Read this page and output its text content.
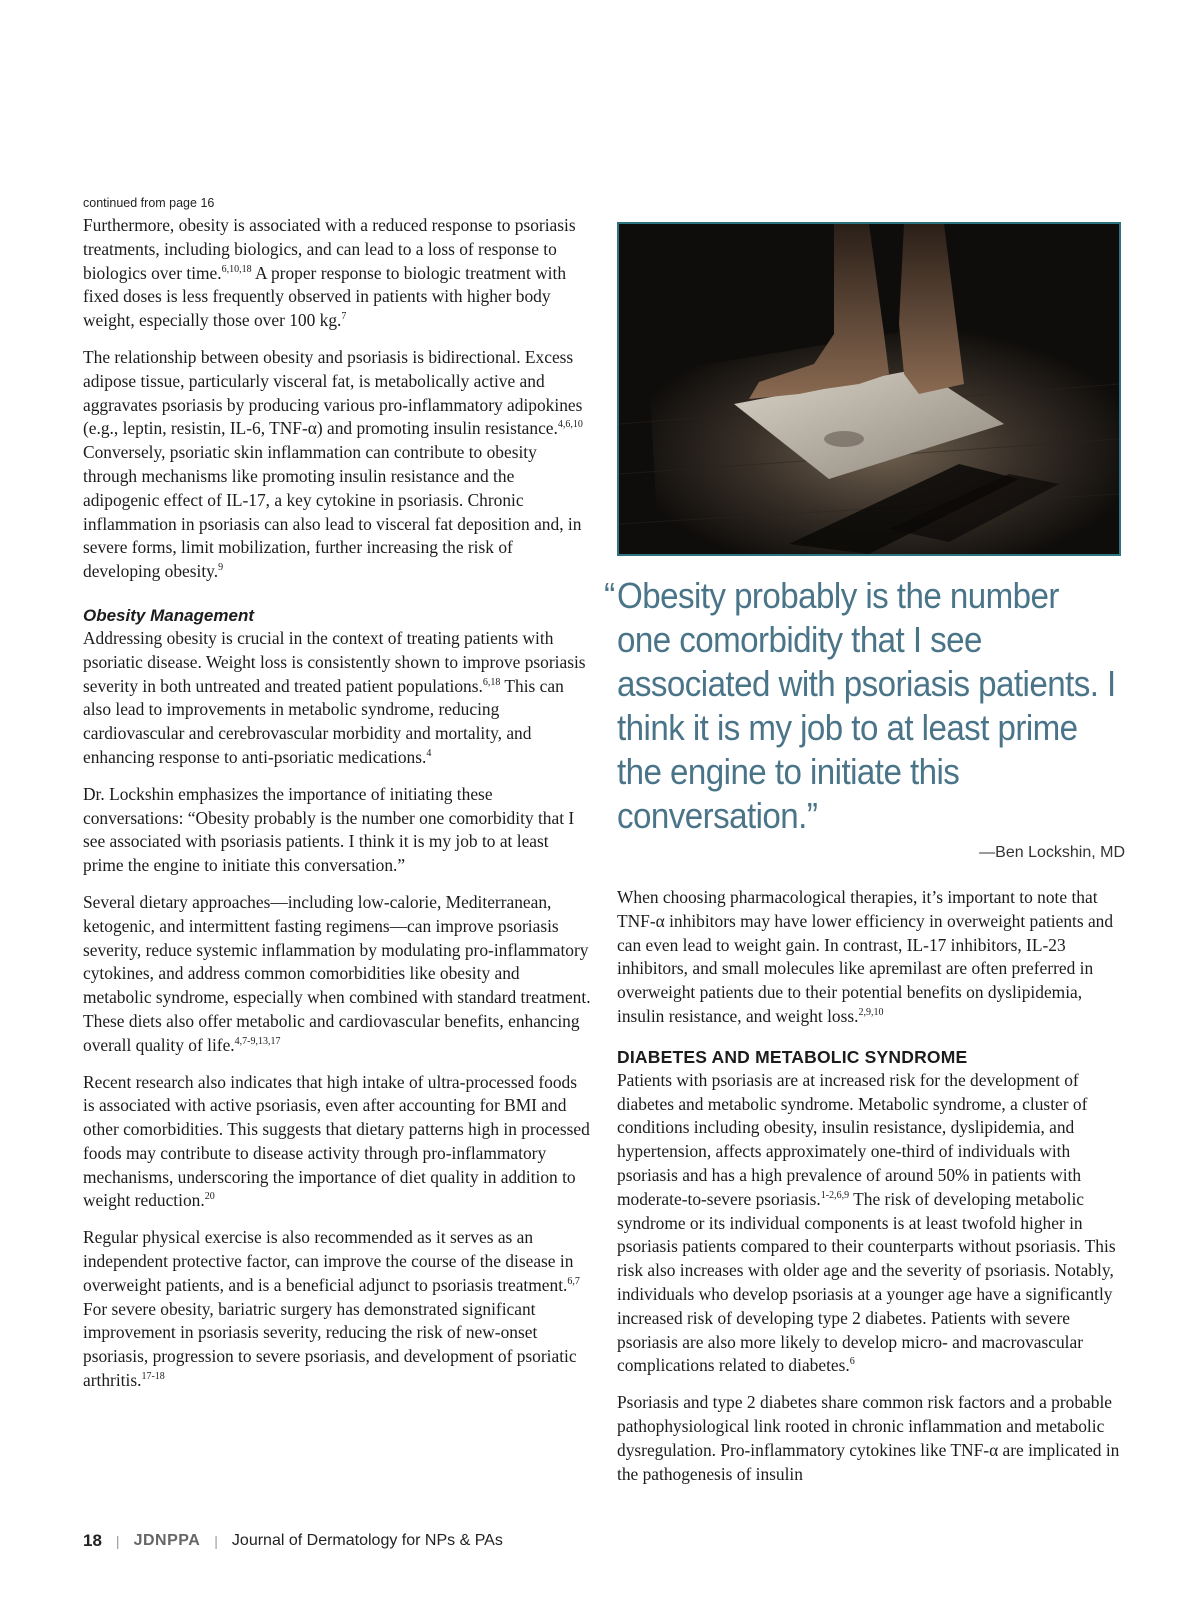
continued from page 16

Furthermore, obesity is associated with a reduced response to psoriasis treatments, including biologics, and can lead to a loss of response to biologics over time.$^{6,10,18}$ A proper response to biologic treatment with fixed doses is less frequently observed in patients with higher body weight, especially those over 100 kg.$^7$

The relationship between obesity and psoriasis is bidirectional. Excess adipose tissue, particularly visceral fat, is metabolically active and aggravates psoriasis by producing various pro-inflammatory adipokines (e.g., leptin, resistin, IL-6, TNF-α) and promoting insulin resistance.$^{4,6,10}$ Conversely, psoriatic skin inflammation can contribute to obesity through mechanisms like promoting insulin resistance and the adipogenic effect of IL-17, a key cytokine in psoriasis. Chronic inflammation in psoriasis can also lead to visceral fat deposition and, in severe forms, limit mobilization, further increasing the risk of developing obesity.$^9$

Obesity Management

Addressing obesity is crucial in the context of treating patients with psoriatic disease. Weight loss is consistently shown to improve psoriasis severity in both untreated and treated patient populations.$^{6,18}$ This can also lead to improvements in metabolic syndrome, reducing cardiovascular and cerebrovascular morbidity and mortality, and enhancing response to anti-psoriatic medications.$^4$

Dr. Lockshin emphasizes the importance of initiating these conversations: “Obesity probably is the number one comorbidity that I see associated with psoriasis patients. I think it is my job to at least prime the engine to initiate this conversation.”

Several dietary approaches—including low-calorie, Mediterranean, ketogenic, and intermittent fasting regimens—can improve psoriasis severity, reduce systemic inflammation by modulating pro-inflammatory cytokines, and address common comorbidities like obesity and metabolic syndrome, especially when combined with standard treatment. These diets also offer metabolic and cardiovascular benefits, enhancing overall quality of life.$^{4,7-9,13,17}$

Recent research also indicates that high intake of ultra-processed foods is associated with active psoriasis, even after accounting for BMI and other comorbidities. This suggests that dietary patterns high in processed foods may contribute to disease activity through pro-inflammatory mechanisms, underscoring the importance of diet quality in addition to weight reduction.$^{20}$

Regular physical exercise is also recommended as it serves as an independent protective factor, can improve the course of the disease in overweight patients, and is a beneficial adjunct to psoriasis treatment.$^{6,7}$ For severe obesity, bariatric surgery has demonstrated significant improvement in psoriasis severity, reducing the risk of new-onset psoriasis, progression to severe psoriasis, and development of psoriatic arthritis.$^{17-18}$

“ Obesity probably is the number one comorbidity that I see associated with psoriasis patients. I think it is my job to at least prime the engine to initiate this conversation.”
—Ben Lockshin, MD

When choosing pharmacological therapies, it’s important to note that TNF-α inhibitors may have lower efficiency in overweight patients and can even lead to weight gain. In contrast, IL-17 inhibitors, IL-23 inhibitors, and small molecules like apremilast are often preferred in overweight patients due to their potential benefits on dyslipidemia, insulin resistance, and weight loss.$^{2,9,10}$

DIABETES AND METABOLIC SYNDROME

Patients with psoriasis are at increased risk for the development of diabetes and metabolic syndrome. Metabolic syndrome, a cluster of conditions including obesity, insulin resistance, dyslipidemia, and hypertension, affects approximately one-third of individuals with psoriasis and has a high prevalence of around 50% in patients with moderate-to-severe psoriasis.$^{1-2,6,9}$ The risk of developing metabolic syndrome or its individual components is at least twofold higher in psoriasis patients compared to their counterparts without psoriasis. This risk also increases with older age and the severity of psoriasis. Notably, individuals who develop psoriasis at a younger age have a significantly increased risk of developing type 2 diabetes. Patients with severe psoriasis are also more likely to develop micro- and macrovascular complications related to diabetes.$^6$

Psoriasis and type 2 diabetes share common risk factors and a probable pathophysiological link rooted in chronic inflammation and metabolic dysregulation. Pro-inflammatory cytokines like TNF-α are implicated in the pathogenesis of insulin

18 | JDNPPA | Journal of Dermatology for NPs & PAs
